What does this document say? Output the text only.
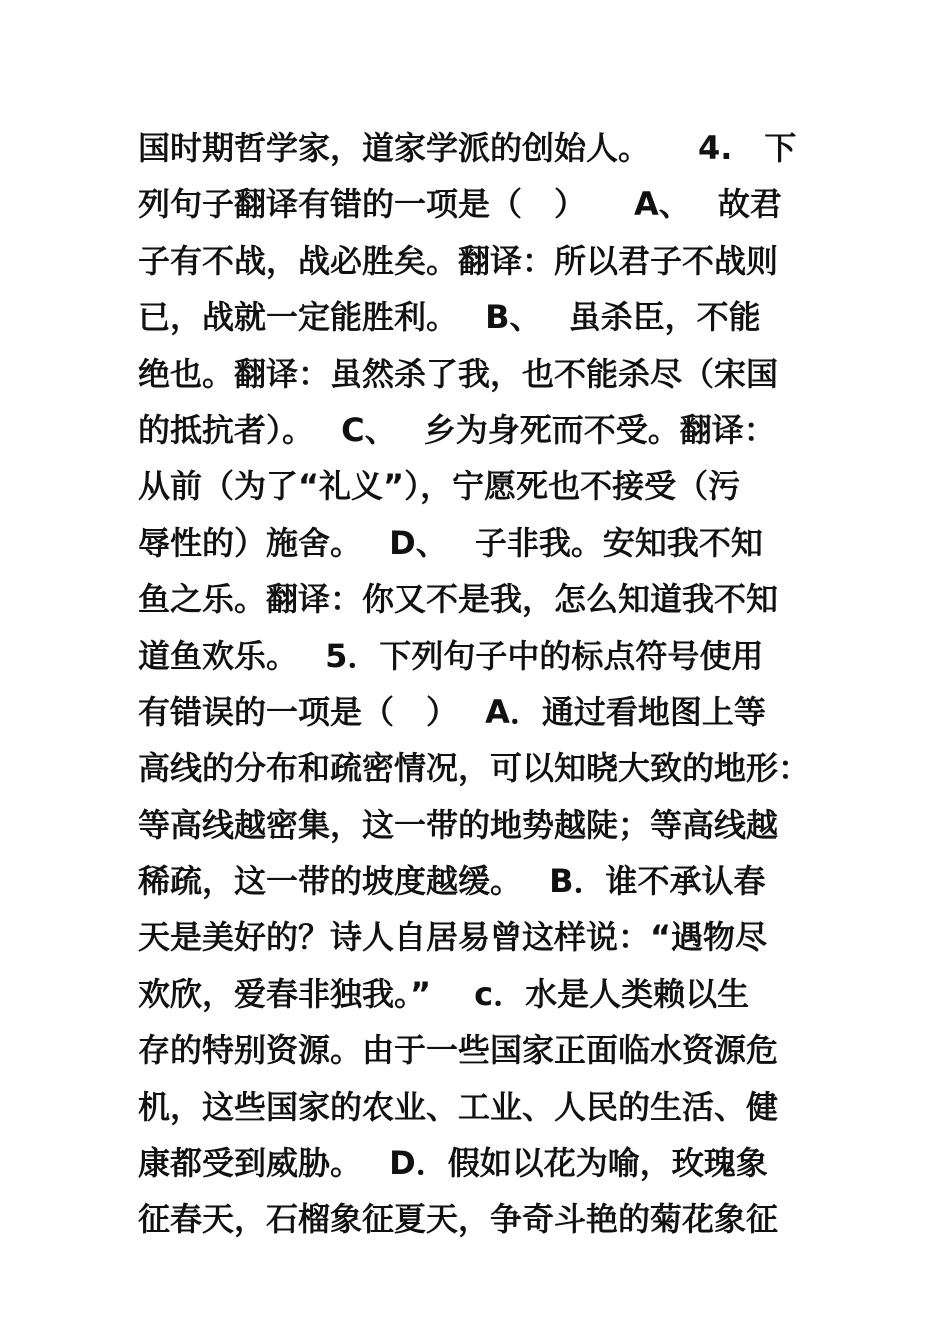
国时期哲学家，道家学派的创始人。　　4.　下
列句子翻译有错的一项是（　）　　A、　 故君
子有不战，战必胜矣。翻译：所以君子不战则
已，战就一定能胜利。　 B、　 虽杀臣，不能
绝也。翻译：虽然杀了我，也不能杀尽（宋国
的抵抗者）。　 C、　 乡为身死而不受。翻译：
从前（为了“礼义”），宁愿死也不接受（污
辱性的）施舍。　 D、　 子非我。安知我不知
鱼之乐。翻译：你又不是我，怎么知道我不知
道鱼欢乐。　 5．下列句子中的标点符号使用
有错误的一项是（　）　 A．通过看地图上等
高线的分布和疏密情况，可以知晓大致的地形：
等高线越密集，这一带的地势越陡；等高线越
稀疏，这一带的坡度越缓。　 B．谁不承认春
天是美好的？诗人自居易曾这样说：“遇物尽
欢欣，爱春非独我。”　 c．水是人类赖以生
存的特别资源。由于一些国家正面临水资源危
机，这些国家的农业、工业、人民的生活、健
康都受到威胁。　 D．假如以花为喻，玫瑰象
征春天，石榴象征夏天，争奇斗艳的菊花象征
